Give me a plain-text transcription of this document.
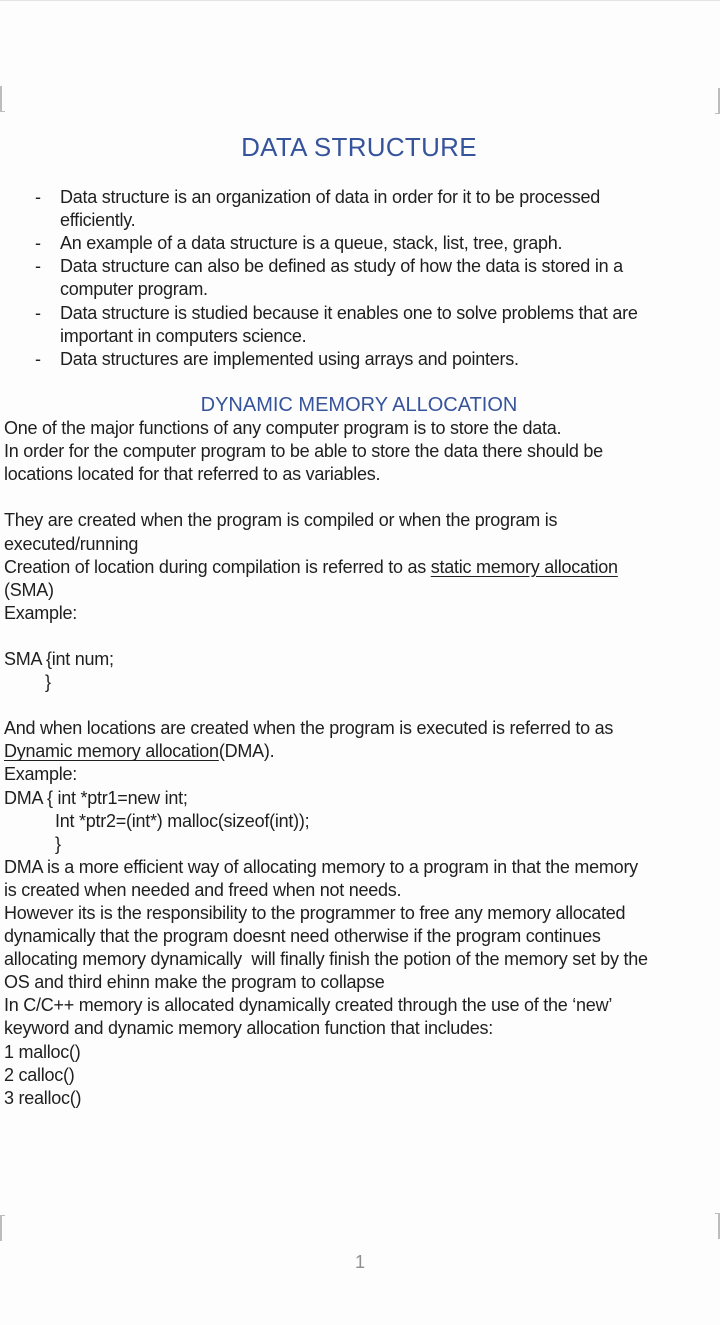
DATA STRUCTURE
- Data structure is an organization of data in order for it to be processed
efficiently.
- An example of a data structure is a queue, stack, list, tree, graph.
- Data structure can also be defined as study of how the data is stored in a
computer program.
- Data structure is studied because it enables one to solve problems that are
important in computers science.
- Data structures are implemented using arrays and pointers.
DYNAMIC MEMORY ALLOCATION
One of the major functions of any computer program is to store the data.
In order for the computer program to be able to store the data there should be
locations located for that referred to as variables.
They are created when the program is compiled or when the program is
executed/running
Creation of location during compilation is referred to as static memory allocation
(SMA)
Example:
SMA {int num;
}
And when locations are created when the program is executed is referred to as
Dynamic memory allocation(DMA).
Example:
DMA { int *ptr1=new int;
Int *ptr2=(int*) malloc(sizeof(int));
}
DMA is a more efficient way of allocating memory to a program in that the memory
is created when needed and freed when not needs.
However its is the responsibility to the programmer to free any memory allocated
dynamically that the program doesnt need otherwise if the program continues
allocating memory dynamically  will finally finish the potion of the memory set by the
OS and third ehinn make the program to collapse
In C/C++ memory is allocated dynamically created through the use of the ‘new’
keyword and dynamic memory allocation function that includes:
1 malloc()
2 calloc()
3 realloc()
1
